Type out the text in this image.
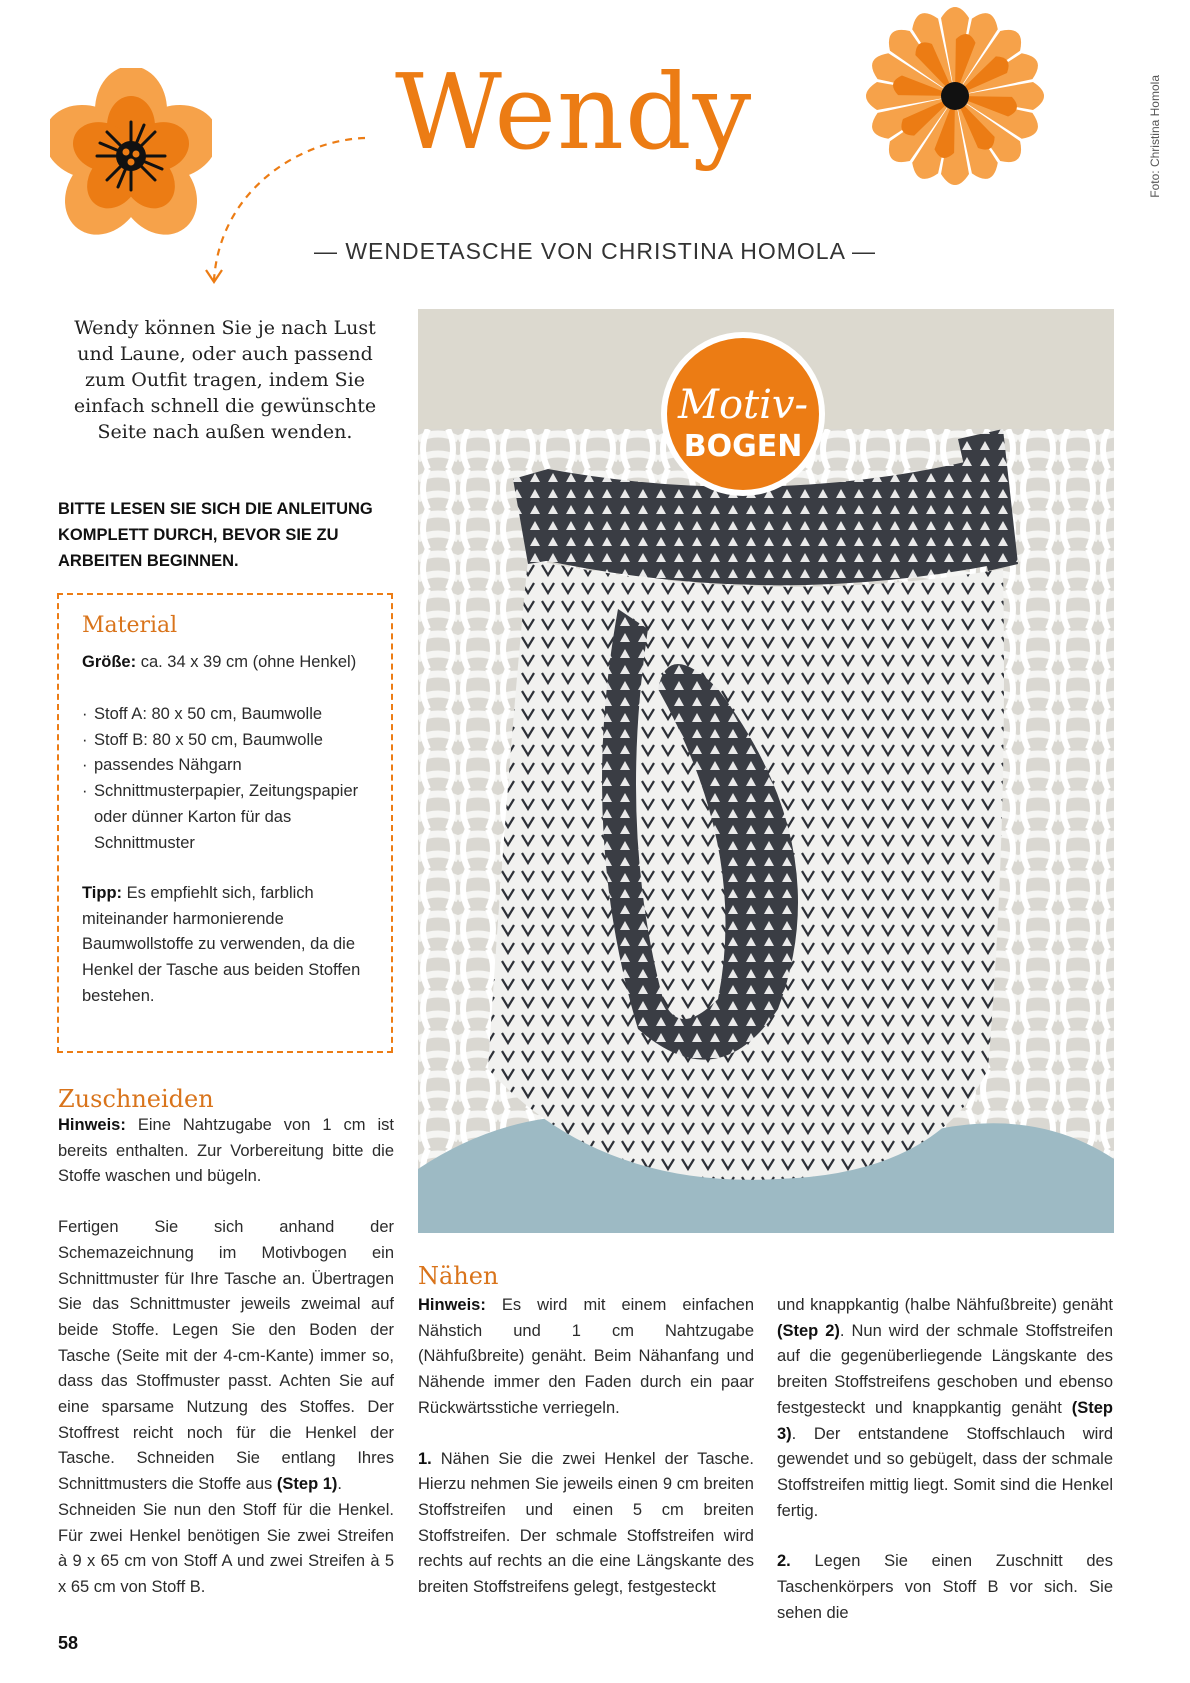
Wendy
— WENDETASCHE VON CHRISTINA HOMOLA —
Foto: Christina Homola
Wendy können Sie je nach Lust und Laune, oder auch passend zum Outfit tragen, indem Sie einfach schnell die gewünschte Seite nach außen wenden.
BITTE LESEN SIE SICH DIE ANLEITUNG KOMPLETT DURCH, BEVOR SIE ZU ARBEITEN BEGINNEN.
Material
Größe: ca. 34 x 39 cm (ohne Henkel)
· Stoff A: 80 x 50 cm, Baumwolle
· Stoff B: 80 x 50 cm, Baumwolle
· passendes Nähgarn
· Schnittmusterpapier, Zeitungspapier oder dünner Karton für das Schnittmuster
Tipp: Es empfiehlt sich, farblich miteinander harmonierende Baumwollstoffe zu verwenden, da die Henkel der Tasche aus beiden Stoffen bestehen.
Zuschneiden

Hinweis: Eine Nahtzugabe von 1 cm ist bereits enthalten. Zur Vorbereitung bitte die Stoffe waschen und bügeln.

Fertigen Sie sich anhand der Schemazeichnung im Motivbogen ein Schnittmuster für Ihre Tasche an. Übertragen Sie das Schnittmuster jeweils zweimal auf beide Stoffe. Legen Sie den Boden der Tasche (Seite mit der 4-cm-Kante) immer so, dass das Stoffmuster passt. Achten Sie auf eine sparsame Nutzung des Stoffes. Der Stoffrest reicht noch für die Henkel der Tasche. Schneiden Sie entlang Ihres Schnittmusters die Stoffe aus (Step 1).

Schneiden Sie nun den Stoff für die Henkel. Für zwei Henkel benötigen Sie zwei Streifen à 9 x 65 cm von Stoff A und zwei Streifen à 5 x 65 cm von Stoff B.

Motiv-
BOGEN
Nähen

Hinweis: Es wird mit einem einfachen Nähstich und 1 cm Nahtzugabe (Nähfußbreite) genäht. Beim Nähanfang und Nähende immer den Faden durch ein paar Rückwärtsstiche verriegeln.

1. Nähen Sie die zwei Henkel der Tasche. Hierzu nehmen Sie jeweils einen 9 cm breiten Stoffstreifen und einen 5 cm breiten Stoffstreifen. Der schmale Stoffstreifen wird rechts auf rechts an die eine Längskante des breiten Stoffstreifens gelegt, festgesteckt

und knappkantig (halbe Nähfußbreite) genäht (Step 2). Nun wird der schmale Stoffstreifen auf die gegenüberliegende Längskante des breiten Stoffstreifens geschoben und ebenso festgesteckt und knappkantig genäht (Step 3). Der entstandene Stoffschlauch wird gewendet und so gebügelt, dass der schmale Stoffstreifen mittig liegt. Somit sind die Henkel fertig.

2. Legen Sie einen Zuschnitt des Taschenkörpers von Stoff B vor sich. Sie sehen die

58
